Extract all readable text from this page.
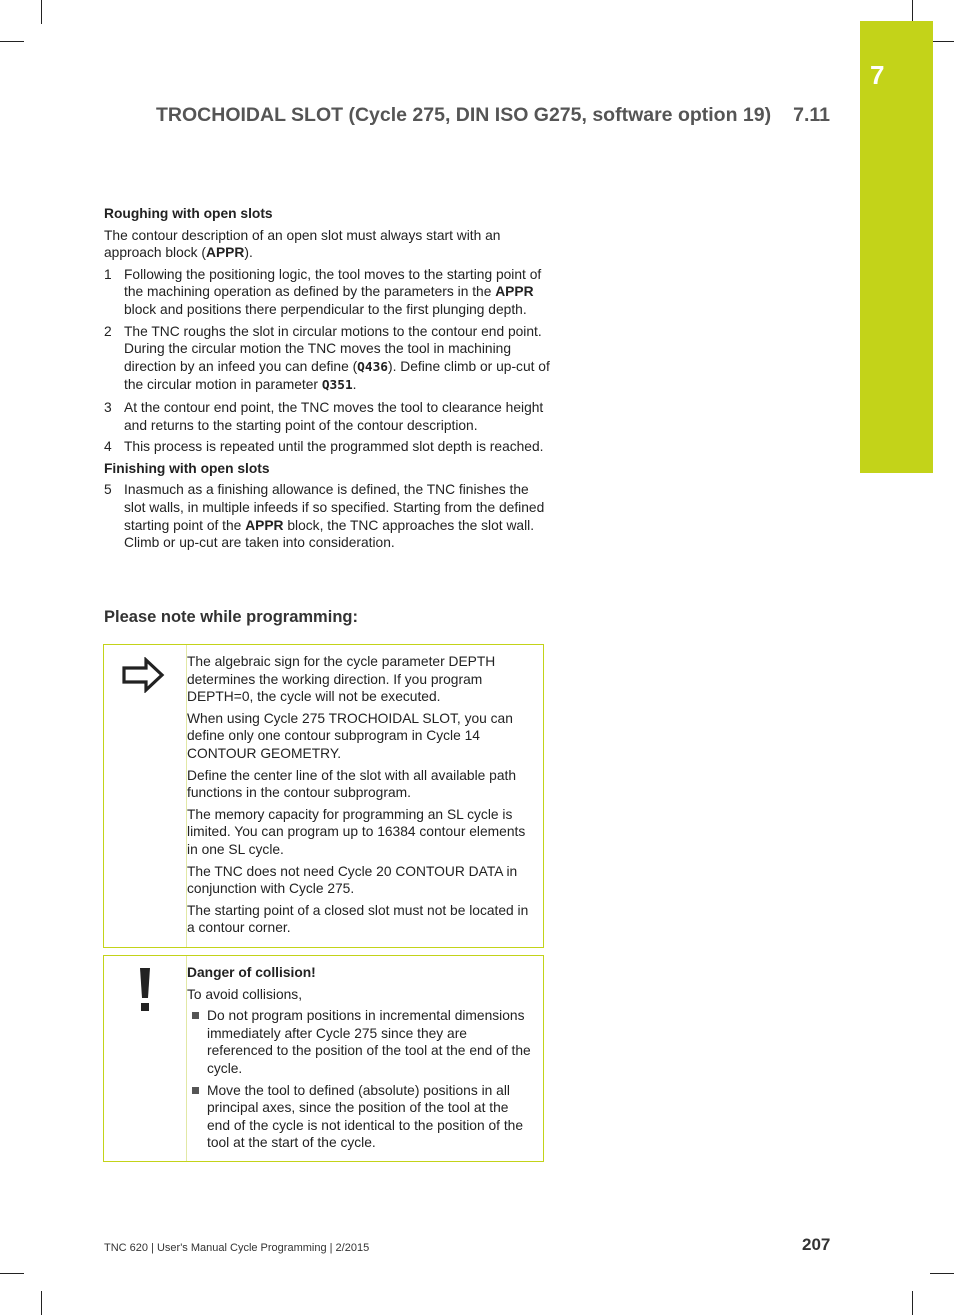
7
TROCHOIDAL SLOT (Cycle 275, DIN ISO G275, software option 19) 7.11
Roughing with open slots

The contour description of an open slot must always start with an approach block (APPR).

1 Following the positioning logic, the tool moves to the starting point of the machining operation as defined by the parameters in the APPR block and positions there perpendicular to the first plunging depth.
2 The TNC roughs the slot in circular motions to the contour end point. During the circular motion the TNC moves the tool in machining direction by an infeed you can define (Q436). Define climb or up-cut of the circular motion in parameter Q351.
3 At the contour end point, the TNC moves the tool to clearance height and returns to the starting point of the contour description.
4 This process is repeated until the programmed slot depth is reached.
Finishing with open slots
5 Inasmuch as a finishing allowance is defined, the TNC finishes the slot walls, in multiple infeeds if so specified. Starting from the defined starting point of the APPR block, the TNC approaches the slot wall. Climb or up-cut are taken into consideration.
Please note while programming:

The algebraic sign for the cycle parameter DEPTH determines the working direction. If you program DEPTH=0, the cycle will not be executed.

When using Cycle 275 TROCHOIDAL SLOT, you can define only one contour subprogram in Cycle 14 CONTOUR GEOMETRY.

Define the center line of the slot with all available path functions in the contour subprogram.

The memory capacity for programming an SL cycle is limited. You can program up to 16384 contour elements in one SL cycle.

The TNC does not need Cycle 20 CONTOUR DATA in conjunction with Cycle 275.

The starting point of a closed slot must not be located in a contour corner.

Danger of collision!

To avoid collisions,

Do not program positions in incremental dimensions immediately after Cycle 275 since they are referenced to the position of the tool at the end of the cycle.
Move the tool to defined (absolute) positions in all principal axes, since the position of the tool at the end of the cycle is not identical to the position of the tool at the start of the cycle.
TNC 620 | User's Manual Cycle Programming | 2/2015	207
